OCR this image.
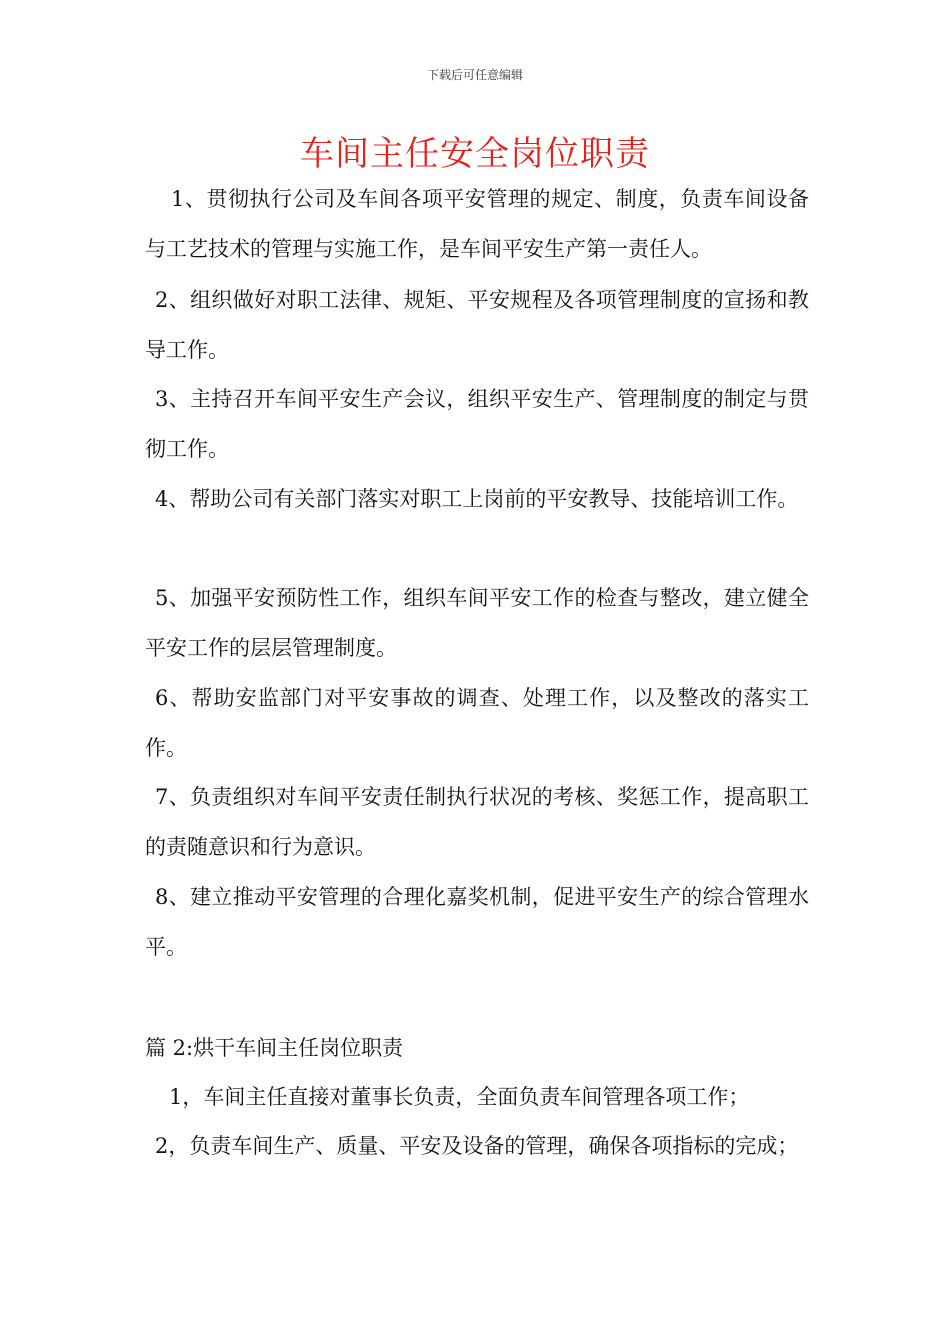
下载后可任意编辑
车间主任安全岗位职责

1、贯彻执行公司及车间各项平安管理的规定、制度，负责车间设备与工艺技术的管理与实施工作，是车间平安生产第一责任人。

2、组织做好对职工法律、规矩、平安规程及各项管理制度的宣扬和教导工作。

3、主持召开车间平安生产会议，组织平安生产、管理制度的制定与贯彻工作。

4、帮助公司有关部门落实对职工上岗前的平安教导、技能培训工作。

5、加强平安预防性工作，组织车间平安工作的检查与整改，建立健全平安工作的层层管理制度。

6、帮助安监部门对平安事故的调查、处理工作，以及整改的落实工作。

7、负责组织对车间平安责任制执行状况的考核、奖惩工作，提高职工的责随意识和行为意识。

8、建立推动平安管理的合理化嘉奖机制，促进平安生产的综合管理水平。

篇 2:烘干车间主任岗位职责

1，车间主任直接对董事长负责，全面负责车间管理各项工作；

2，负责车间生产、质量、平安及设备的管理，确保各项指标的完成；
